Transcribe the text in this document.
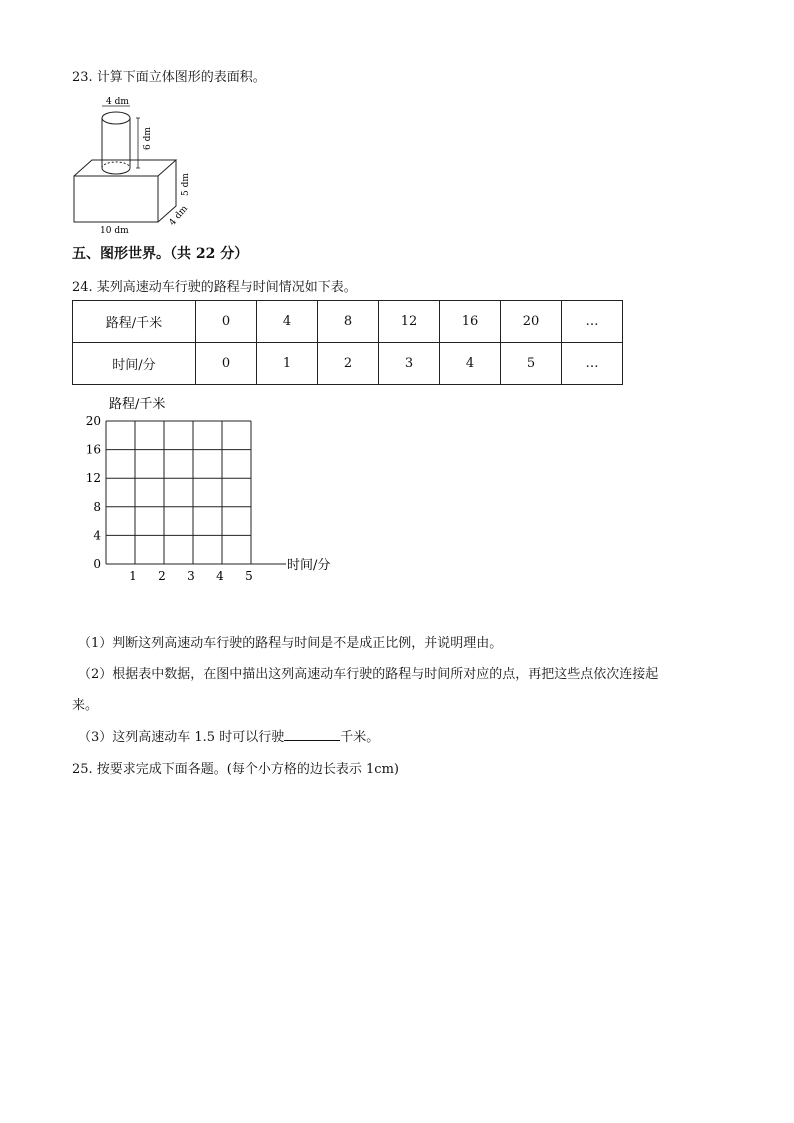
23. 计算下面立体图形的表面积。
4 dm
6 dm
5 dm
4 dm
10 dm
五、图形世界。（共 22 分）
24. 某列高速动车行驶的路程与时间情况如下表。
路程/千米	0	4	8	12	16	20	…
时间/分	0	1	2	3	4	5	…
0
4
8
12
16
20
1 2 3 4 5
路程/千米
时间/分
（1）判断这列高速动车行驶的路程与时间是不是成正比例，并说明理由。
（2）根据表中数据，在图中描出这列高速动车行驶的路程与时间所对应的点，再把这些点依次连接起
来。
（3）这列高速动车 1.5 时可以行驶	千米。
25. 按要求完成下面各题。(每个小方格的边长表示 1cm)
